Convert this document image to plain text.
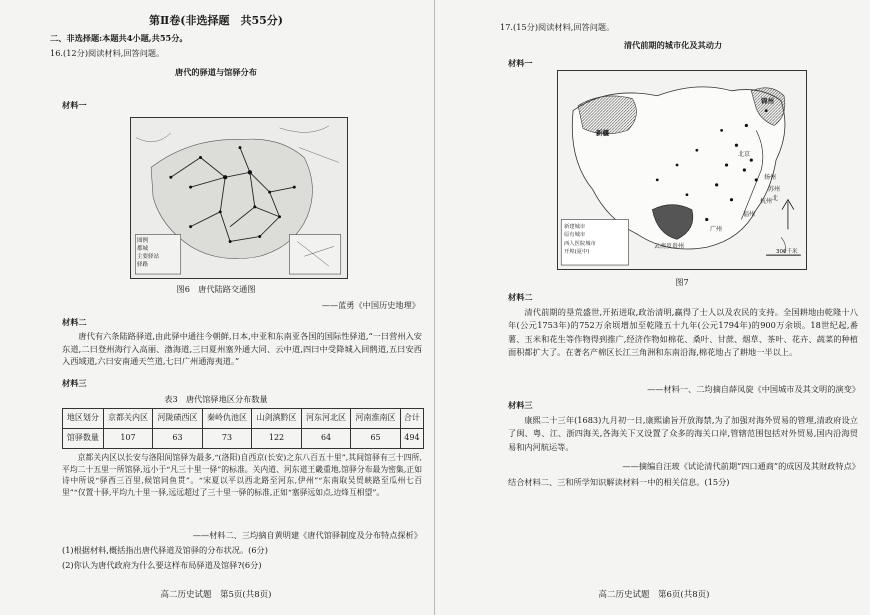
第Ⅱ卷(非选择题　共55分)
二、非选择题:本题共4小题,共55分。
16.(12分)阅读材料,回答问题。
唐代的驿道与馆驿分布
材料一
图例
都城
主要驿站
驿路
图6　唐代陆路交通图
——蓝勇《中国历史地理》
材料二
唐代有六条陆路驿道,由此驿中通往今朝鲜,日本,中亚和东南亚各国的国际性驿道,“一曰营州入安东道,二曰登州海行入高丽、渤海道,三曰夏州塞外通大同、云中道,四曰中受降城入回鹘道,五曰安西入西域道,六曰安南通天竺道,七曰广州通海夷道。”
材料三
表3　唐代馆驿地区分布数量
地区划分	京都关内区	河陇碛西区	秦岭仇池区	山剑滇黔区	河东河北区	河南淮南区	合计
馆驿数量	107	63	73	122	64	65	494
京都关内区以长安与洛阳间馆驿为最多,“(洛阳)自西京(长安)之东八百五十里”,其间馆驿有三十四所,平均二十五里一所馆驿,远小于“凡三十里一驿”的标准。关内道、河东道王畿重地,馆驿分布最为密集,正如诗中所说“驿西三百里,候馆同鱼贯”。“宋夏以平以西北路至河东,伊州”“东南取吴贸峡路至瓜州七百里”“仅置十驿,平均九十里一驿,远远超过了三十里一驿的标准,正如“塞驿远如点,边烽互相望”。
——材料二、三均摘自黄明建《唐代馆驿制度及分布特点探析》
(1)根据材料,概括指出唐代驿道及馆驿的分布状况。(6分)
(2)你认为唐代政府为什么要这样布局驿道及馆驿?(6分)
高二历史试题　第5页(共8页)
17.(15分)阅读材料,回答问题。
清代前期的城市化及其动力
材料一
锦州
新疆
北京
扬州
苏州
杭州
广州
福州
云南及贵州
新建城市
原有城市
西人医院城市
开埠(夏中)
北
300千米
图7
材料二
清代前期的垦荒盛世,开拓进取,政治清明,赢得了士人以及农民的支持。全国耕地由乾隆十八年(公元1753年)的752万余顷增加至乾隆五十九年(公元1794年)的900万余顷。18世纪起,番薯、玉米和花生等作物得到推广,经济作物如棉花、桑叶、甘蔗、烟草、茶叶、花卉、蔬菜的种植面积都扩大了。在著名产棉区长江三角洲和东南沿海,棉花地占了耕地一半以上。
——材料一、二均摘自薛凤旋《中国城市及其文明的演变》
材料三
康熙二十三年(1683)九月初一日,康熙谕旨开放海禁,为了加强对海外贸易的管理,清政府设立了闽、粤、江、浙四海关,各海关下又设置了众多的海关口岸,管辖范围包括对外贸易,国内沿海贸易和内河航运等。
——摘编自汪玻《试论清代前期“四口通商”的成因及其财政特点》
结合材料二、三和所学知识解读材料一中的相关信息。(15分)
高二历史试题　第6页(共8页)
